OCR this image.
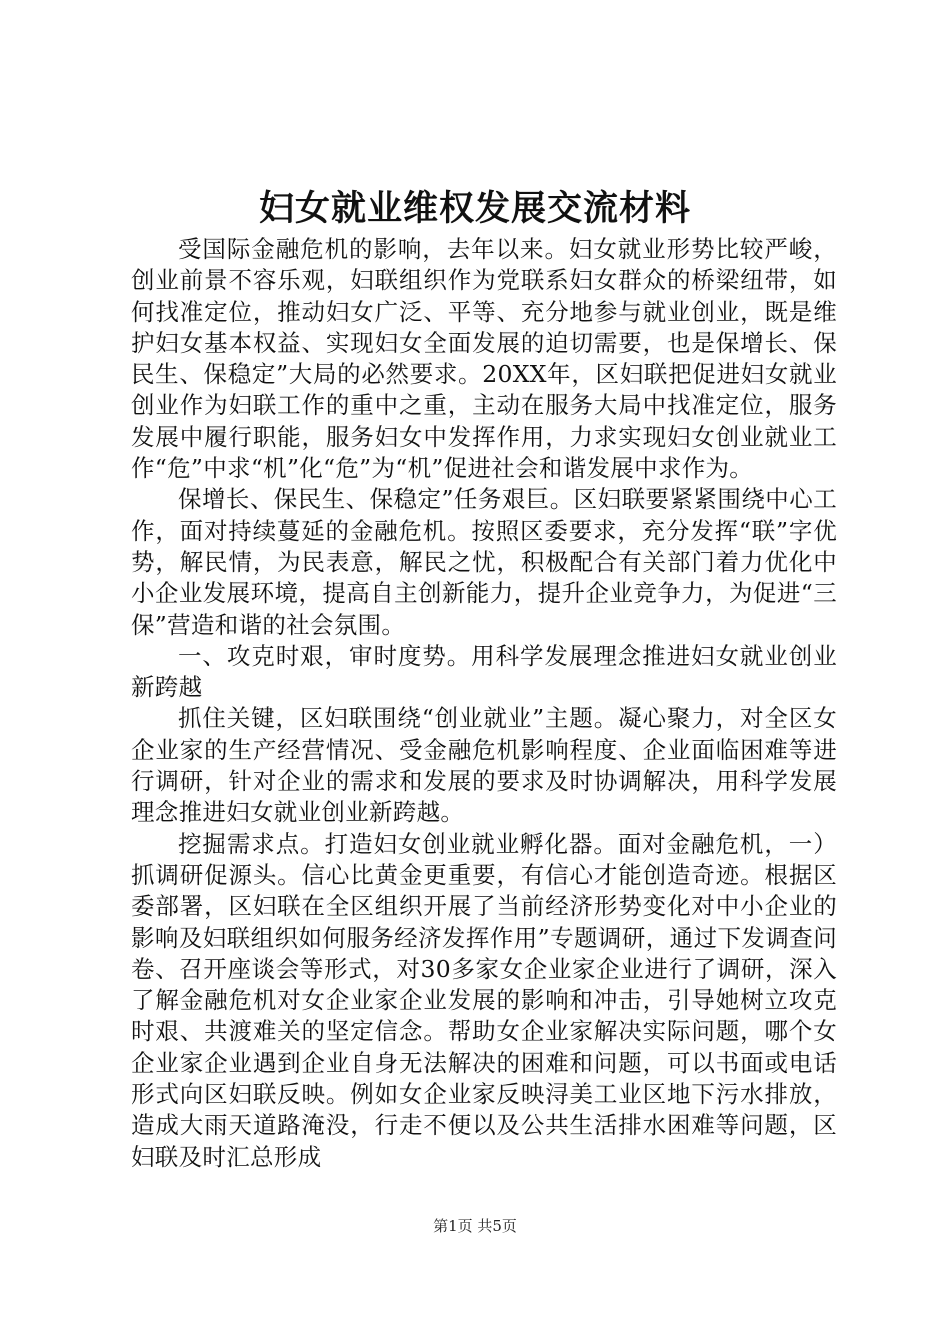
妇女就业维权发展交流材料

受国际金融危机的影响，去年以来。妇女就业形势比较严峻，创业前景不容乐观，妇联组织作为党联系妇女群众的桥梁纽带，如何找准定位，推动妇女广泛、平等、充分地参与就业创业，既是维护妇女基本权益、实现妇女全面发展的迫切需要，也是保增长、保民生、保稳定”大局的必然要求。20XX年，区妇联把促进妇女就业创业作为妇联工作的重中之重，主动在服务大局中找准定位，服务发展中履行职能，服务妇女中发挥作用，力求实现妇女创业就业工作“危”中求“机”化“危”为“机”促进社会和谐发展中求作为。

保增长、保民生、保稳定”任务艰巨。区妇联要紧紧围绕中心工作，面对持续蔓延的金融危机。按照区委要求，充分发挥“联”字优势，解民情，为民表意，解民之忧，积极配合有关部门着力优化中小企业发展环境，提高自主创新能力，提升企业竞争力，为促进“三保”营造和谐的社会氛围。

一、攻克时艰，审时度势。用科学发展理念推进妇女就业创业新跨越

抓住关键，区妇联围绕“创业就业”主题。凝心聚力，对全区女企业家的生产经营情况、受金融危机影响程度、企业面临困难等进行调研，针对企业的需求和发展的要求及时协调解决，用科学发展理念推进妇女就业创业新跨越。

挖掘需求点。打造妇女创业就业孵化器。面对金融危机，一）抓调研促源头。信心比黄金更重要，有信心才能创造奇迹。根据区委部署，区妇联在全区组织开展了当前经济形势变化对中小企业的影响及妇联组织如何服务经济发挥作用”专题调研，通过下发调查问卷、召开座谈会等形式，对30多家女企业家企业进行了调研，深入了解金融危机对女企业家企业发展的影响和冲击，引导她树立攻克时艰、共渡难关的坚定信念。帮助女企业家解决实际问题，哪个女企业家企业遇到企业自身无法解决的困难和问题，可以书面或电话形式向区妇联反映。例如女企业家反映浔美工业区地下污水排放，造成大雨天道路淹没，行走不便以及公共生活排水困难等问题，区妇联及时汇总形成

第1页 共5页
